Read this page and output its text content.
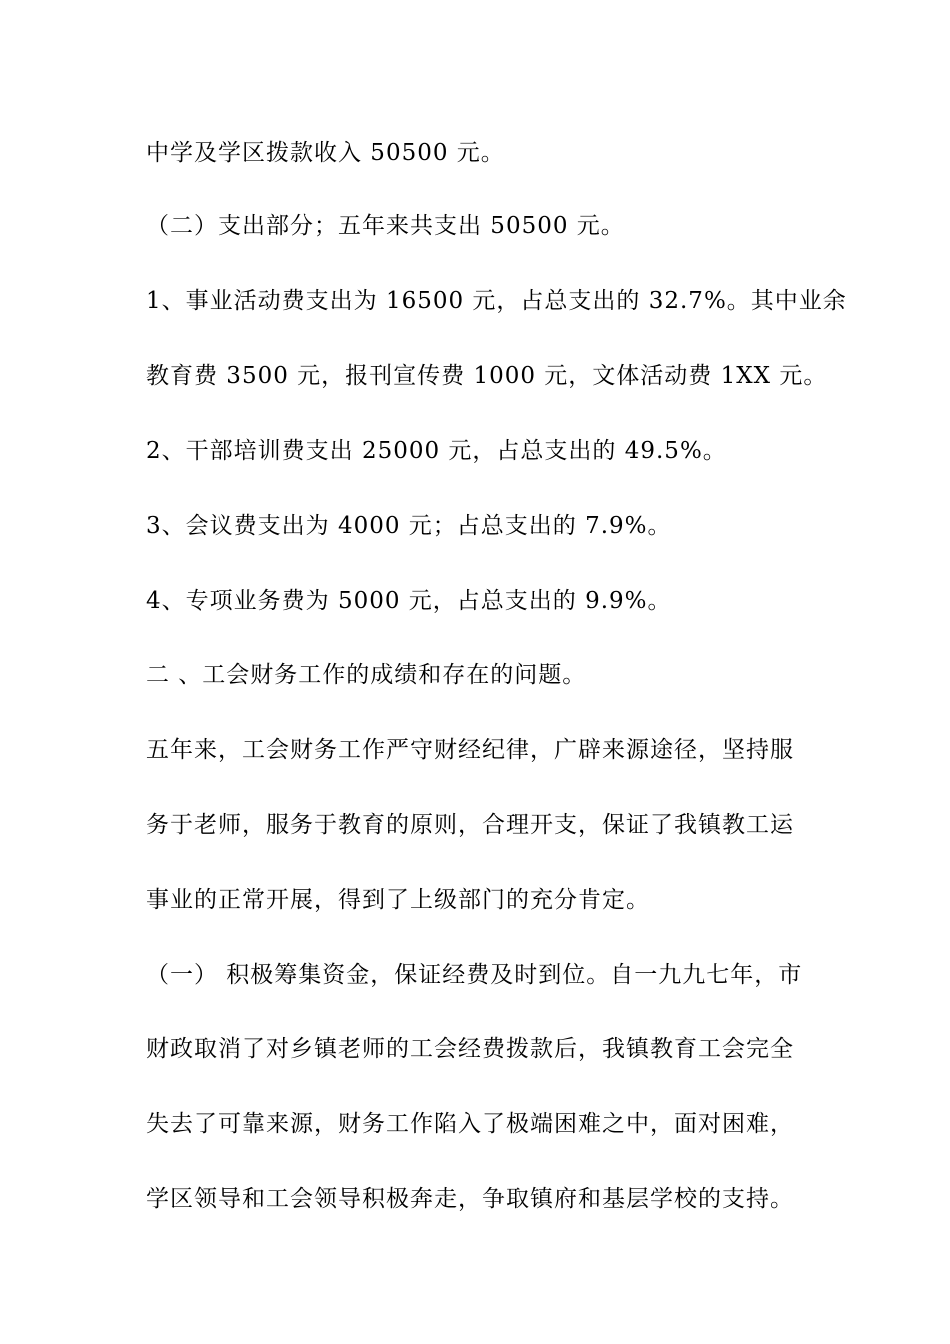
中学及学区拨款收入 50500 元。
（二）支出部分；五年来共支出 50500 元。
1、事业活动费支出为 16500 元，占总支出的 32.7%。其中业余
教育费 3500 元，报刊宣传费 1000 元，文体活动费 1XX 元。
2、干部培训费支出 25000 元，占总支出的 49.5%。
3、会议费支出为 4000 元；占总支出的 7.9%。
4、专项业务费为 5000 元，占总支出的 9.9%。
二 、工会财务工作的成绩和存在的问题。
五年来，工会财务工作严守财经纪律，广辟来源途径，坚持服
务于老师，服务于教育的原则，合理开支，保证了我镇教工运
事业的正常开展，得到了上级部门的充分肯定。
（一） 积极筹集资金，保证经费及时到位。自一九九七年，市
财政取消了对乡镇老师的工会经费拨款后，我镇教育工会完全
失去了可靠来源，财务工作陷入了极端困难之中，面对困难，
学区领导和工会领导积极奔走，争取镇府和基层学校的支持。
